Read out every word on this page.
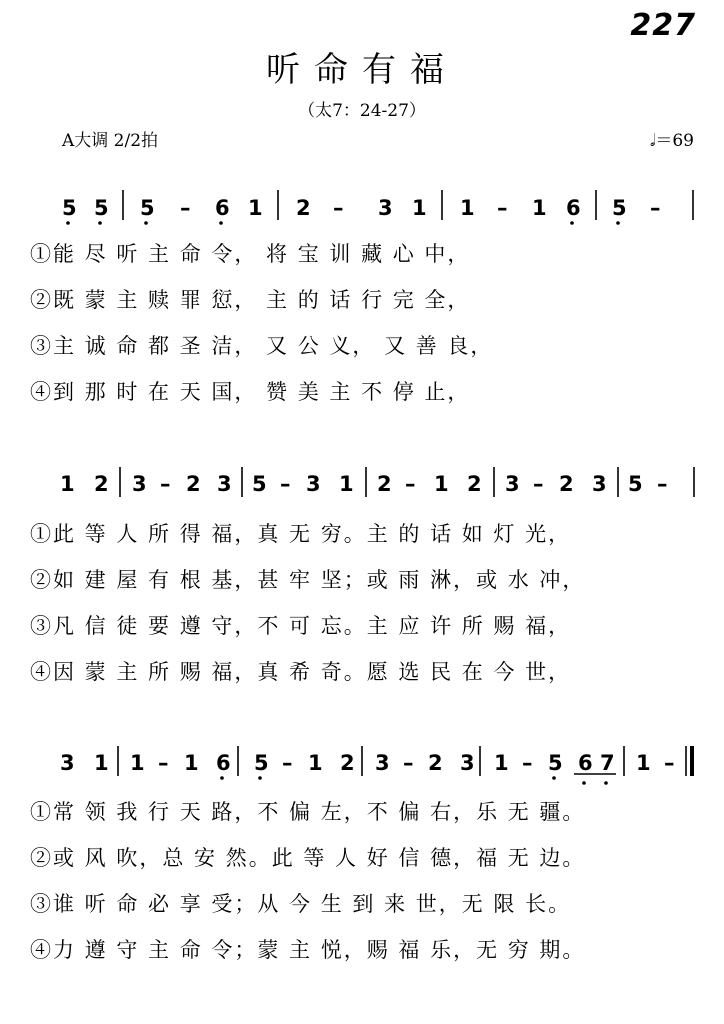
227
听命有福
（太7：24-27）
A大调 2/2拍	𝅗𝅥＝69
5 5 5 – 6 1 2 – 3 1 1 – 1 6 5 –
1 2 3 – 2 3 5 – 3 1 2 – 1 2 3 – 2 3 5 –
3 1 1 – 1 6 5 – 1 2 3 – 2 3 1 – 5 6 7 1 –
①能 尽 听 主 命 令， 将 宝 训 藏 心 中，
②既 蒙 主 赎 罪 愆， 主 的 话 行 完 全，
③主 诚 命 都 圣 洁， 又 公 义， 又 善 良，
④到 那 时 在 天 国， 赞 美 主 不 停 止，
①此 等 人 所 得 福，真 无 穷。主 的 话 如 灯 光，
②如 建 屋 有 根 基，甚 牢 坚；或 雨 淋，或 水 冲，
③凡 信 徒 要 遵 守，不 可 忘。主 应 许 所 赐 福，
④因 蒙 主 所 赐 福，真 希 奇。愿 选 民 在 今 世，
①常 领 我 行 天 路，不 偏 左，不 偏 右，乐 无 疆。
②或 风 吹，总 安 然。此 等 人 好 信 德，福 无 边。
③谁 听 命 必 享 受；从 今 生 到 来 世，无 限 长。
④力 遵 守 主 命 令；蒙 主 悦，赐 福 乐，无 穷 期。
